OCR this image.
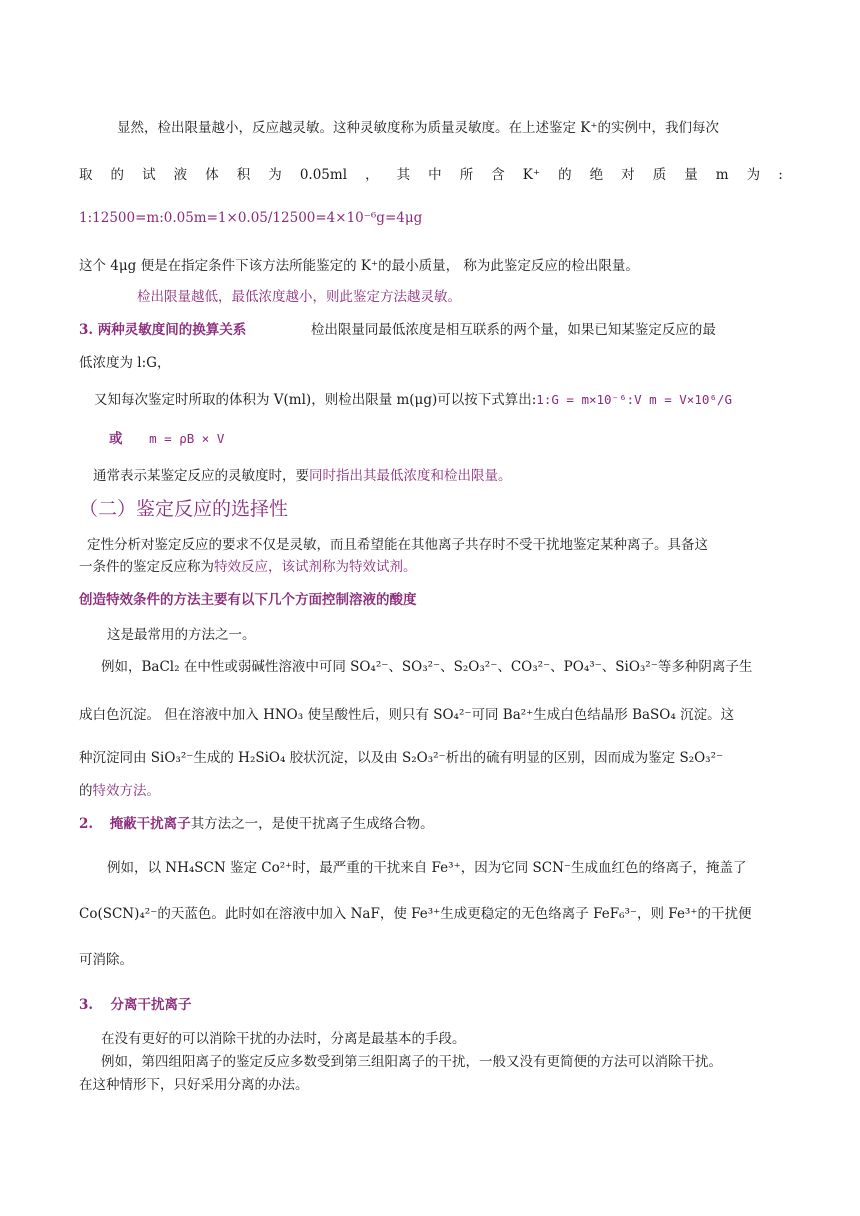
显然，检出限量越小，反应越灵敏。这种灵敏度称为质量灵敏度。在上述鉴定 K⁺的实例中，我们每次
取 的 试 液 体 积 为 0.05ml ， 其 中 所 含 K⁺ 的 绝 对 质 量 m 为 :
1:12500=m:0.05m=1×0.05/12500=4×10⁻⁶g=4μg
这个 4μg 便是在指定条件下该方法所能鉴定的 K⁺的最小质量， 称为此鉴定反应的检出限量。
检出限量越低，最低浓度越小，则此鉴定方法越灵敏。
3. 两种灵敏度间的换算关系	检出限量同最低浓度是相互联系的两个量，如果已知某鉴定反应的最
低浓度为 l:G，
又知每次鉴定时所取的体积为 V(ml)，则检出限量 m(μg)可以按下式算出:1:G = m×10⁻⁶:V m = V×10⁶/G
或 m = ρB × V
通常表示某鉴定反应的灵敏度时，要同时指出其最低浓度和检出限量。
（二）鉴定反应的选择性
定性分析对鉴定反应的要求不仅是灵敏，而且希望能在其他离子共存时不受干扰地鉴定某种离子。具备这
一条件的鉴定反应称为特效反应，该试剂称为特效试剂。
创造特效条件的方法主要有以下几个方面控制溶液的酸度
这是最常用的方法之一。
例如，BaCl₂ 在中性或弱碱性溶液中可同 SO₄²⁻、SO₃²⁻、S₂O₃²⁻、CO₃²⁻、PO₄³⁻、SiO₃²⁻等多种阴离子生
成白色沉淀。 但在溶液中加入 HNO₃ 使呈酸性后，则只有 SO₄²⁻可同 Ba²⁺生成白色结晶形 BaSO₄ 沉淀。这
种沉淀同由 SiO₃²⁻生成的 H₂SiO₄ 胶状沉淀，以及由 S₂O₃²⁻析出的硫有明显的区别，因而成为鉴定 S₂O₃²⁻
的特效方法。
2. 掩蔽干扰离子其方法之一，是使干扰离子生成络合物。
例如，以 NH₄SCN 鉴定 Co²⁺时，最严重的干扰来自 Fe³⁺，因为它同 SCN⁻生成血红色的络离子，掩盖了
Co(SCN)₄²⁻的天蓝色。此时如在溶液中加入 NaF，使 Fe³⁺生成更稳定的无色络离子 FeF₆³⁻，则 Fe³⁺的干扰便
可消除。
3. 分离干扰离子
在没有更好的可以消除干扰的办法时，分离是最基本的手段。
例如，第四组阳离子的鉴定反应多数受到第三组阳离子的干扰，一般又没有更简便的方法可以消除干扰。
在这种情形下，只好采用分离的办法。
